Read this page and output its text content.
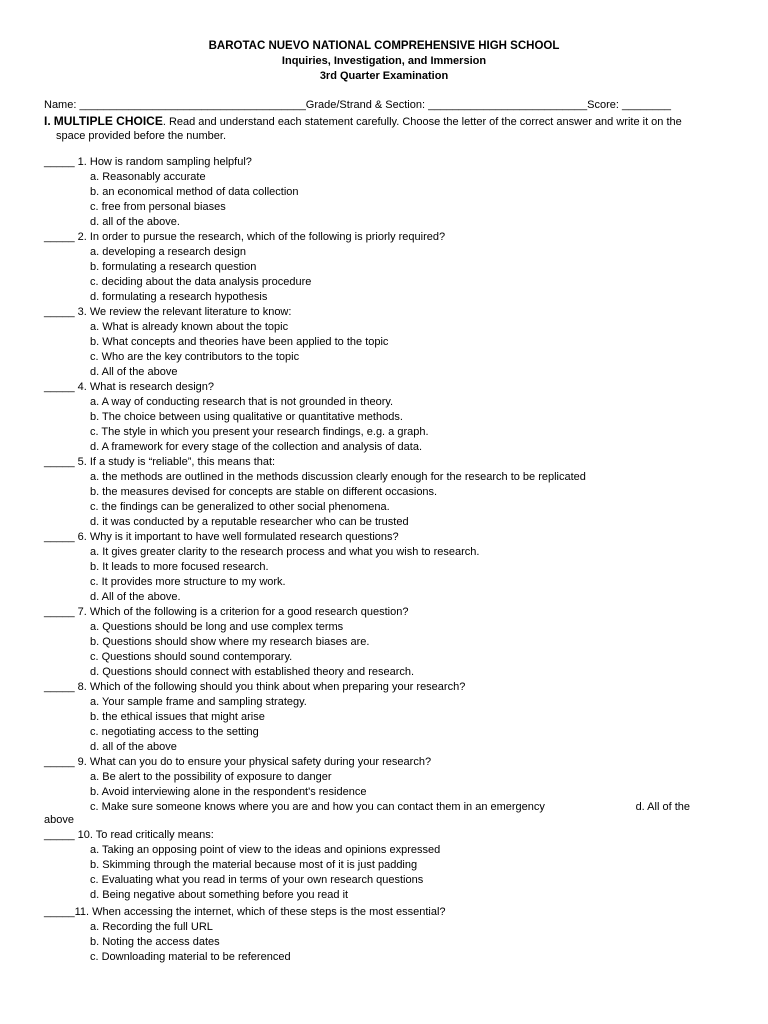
BAROTAC NUEVO NATIONAL COMPREHENSIVE HIGH SCHOOL
Inquiries, Investigation, and Immersion
3rd Quarter Examination
Name: _____________________________________Grade/Strand & Section: __________________________Score: ________
I. MULTIPLE CHOICE. Read and understand each statement carefully. Choose the letter of the correct answer and write it on the
space provided before the number.
_____ 1. How is random sampling helpful?
a. Reasonably accurate
b. an economical method of data collection
c. free from personal biases
d. all of the above.
_____ 2. In order to pursue the research, which of the following is priorly required?
a. developing a research design
b. formulating a research question
c. deciding about the data analysis procedure
d. formulating a research hypothesis
_____ 3. We review the relevant literature to know:
a. What is already known about the topic
b. What concepts and theories have been applied to the topic
c. Who are the key contributors to the topic
d. All of the above
_____ 4. What is research design?
a. A way of conducting research that is not grounded in theory.
b. The choice between using qualitative or quantitative methods.
c. The style in which you present your research findings, e.g. a graph.
d. A framework for every stage of the collection and analysis of data.
_____ 5. If a study is “reliable”, this means that:
a. the methods are outlined in the methods discussion clearly enough for the research to be replicated
b. the measures devised for concepts are stable on different occasions.
c. the findings can be generalized to other social phenomena.
d. it was conducted by a reputable researcher who can be trusted
_____ 6. Why is it important to have well formulated research questions?
a. It gives greater clarity to the research process and what you wish to research.
b. It leads to more focused research.
c. It provides more structure to my work.
d. All of the above.
_____ 7. Which of the following is a criterion for a good research question?
a. Questions should be long and use complex terms
b. Questions should show where my research biases are.
c. Questions should sound contemporary.
d. Questions should connect with established theory and research.
_____ 8. Which of the following should you think about when preparing your research?
a. Your sample frame and sampling strategy.
b. the ethical issues that might arise
c. negotiating access to the setting
d. all of the above
_____ 9. What can you do to ensure your physical safety during your research?
a. Be alert to the possibility of exposure to danger
b. Avoid interviewing alone in the respondent's residence
c. Make sure someone knows where you are and how you can contact them in an emergency	d. All of the
above
_____ 10. To read critically means:
a. Taking an opposing point of view to the ideas and opinions expressed
b. Skimming through the material because most of it is just padding
c. Evaluating what you read in terms of your own research questions
d. Being negative about something before you read it
_____11. When accessing the internet, which of these steps is the most essential?
a. Recording the full URL
b. Noting the access dates
c. Downloading material to be referenced
